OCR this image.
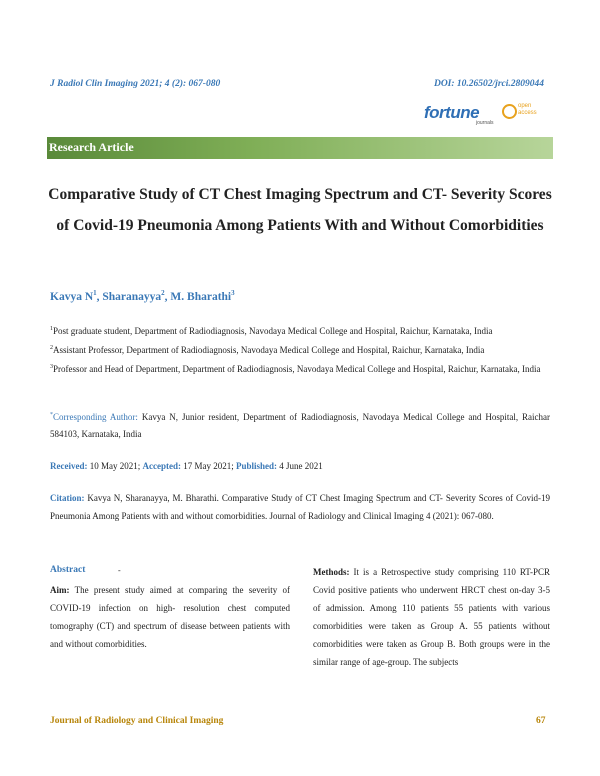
J Radiol Clin Imaging 2021; 4 (2): 067-080	DOI: 10.26502/jrci.2809044
fortune
journals
open
access
Research Article
Comparative Study of CT Chest Imaging Spectrum and CT- Severity Scores of Covid-19 Pneumonia Among Patients With and Without Comorbidities
Kavya $N^1$, Sharanayya$^2$, M. Bharathi$^3$
$^1$Post graduate student, Department of Radiodiagnosis, Navodaya Medical College and Hospital, Raichur, Karnataka, India
$^2$Assistant Professor, Department of Radiodiagnosis, Navodaya Medical College and Hospital, Raichur, Karnataka, India
$^3$Professor and Head of Department, Department of Radiodiagnosis, Navodaya Medical College and Hospital, Raichur, Karnataka, India
*Corresponding Author: Kavya N, Junior resident, Department of Radiodiagnosis, Navodaya Medical College and Hospital, Raichar 584103, Karnataka, India
Received: 10 May 2021; Accepted: 17 May 2021; Published: 4 June 2021
Citation: Kavya N, Sharanayya, M. Bharathi. Comparative Study of CT Chest Imaging Spectrum and CT- Severity Scores of Covid-19 Pneumonia Among Patients with and without comorbidities. Journal of Radiology and Clinical Imaging 4 (2021): 067-080.
Abstract	-
Aim: The present study aimed at comparing the severity of COVID-19 infection on high- resolution chest computed tomography (CT) and spectrum of disease between patients with and without comorbidities.
Methods: It is a Retrospective study comprising 110 RT-PCR Covid positive patients who underwent HRCT chest on-day 3-5 of admission. Among 110 patients 55 patients with various comorbidities were taken as Group A. 55 patients without comorbidities were taken as Group B. Both groups were in the similar range of age-group. The subjects
Journal of Radiology and Clinical Imaging	67
